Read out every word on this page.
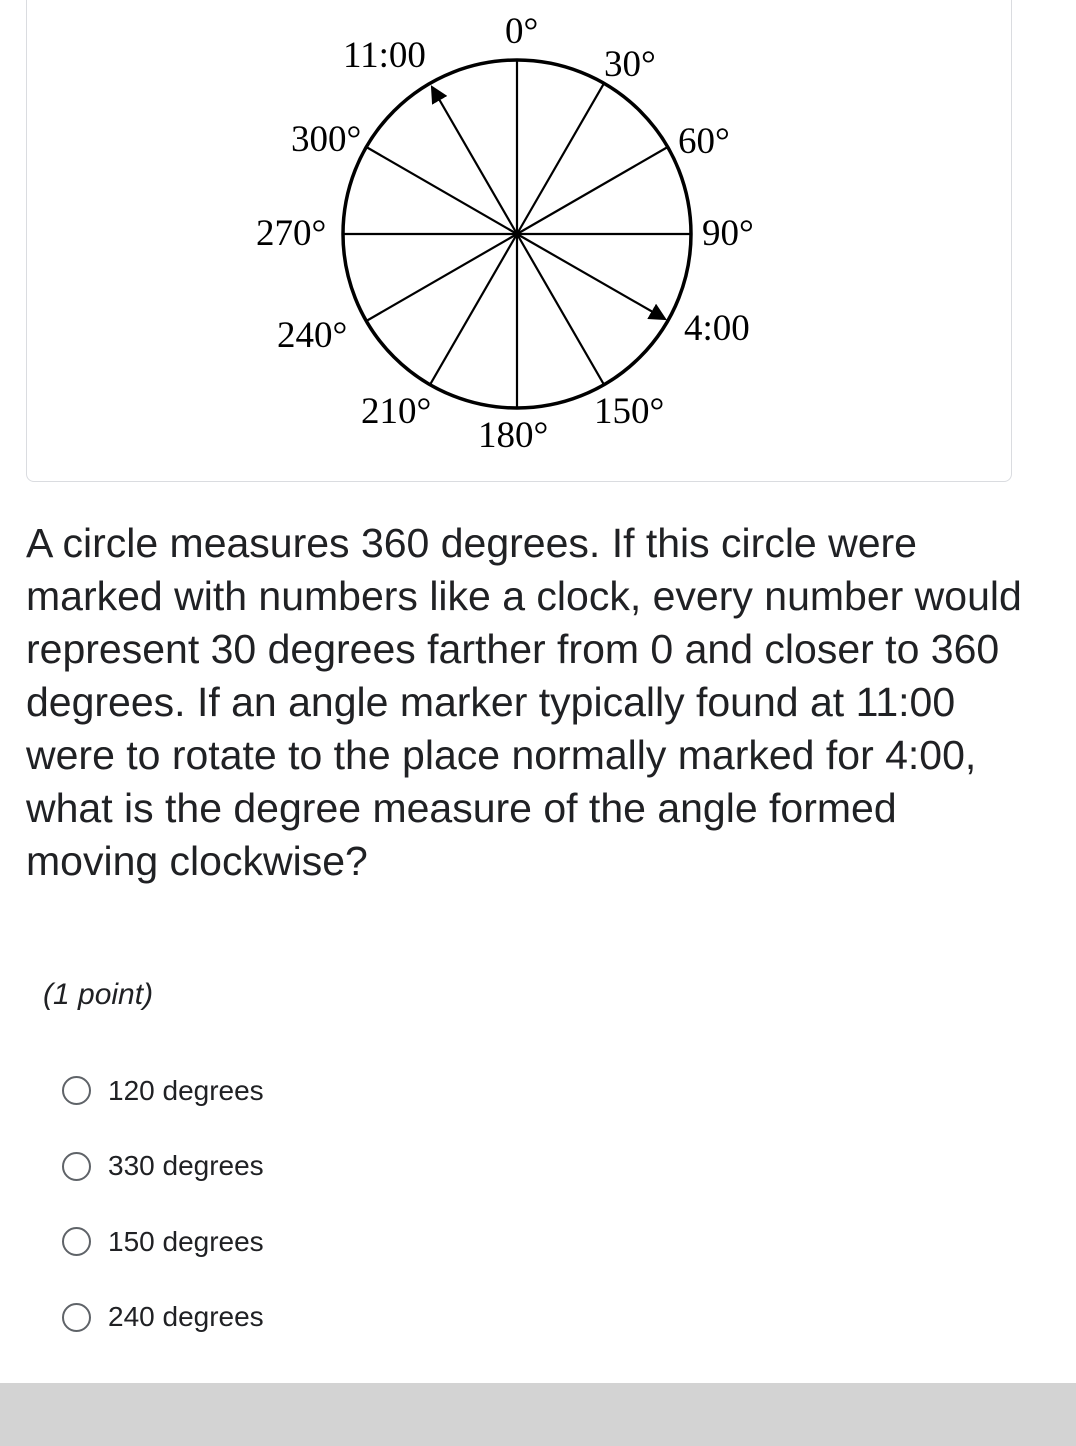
0°
30°
60°
90°
4:00
150°
180°
210°
240°
270°
300°
11:00

A circle measures 360 degrees. If this circle were marked with numbers like a clock, every number would represent 30 degrees farther from 0 and closer to 360 degrees. If an angle marker typically found at 11:00 were to rotate to the place normally marked for 4:00, what is the degree measure of the angle formed moving clockwise?

(1 point)

120 degrees
330 degrees
150 degrees
240 degrees
